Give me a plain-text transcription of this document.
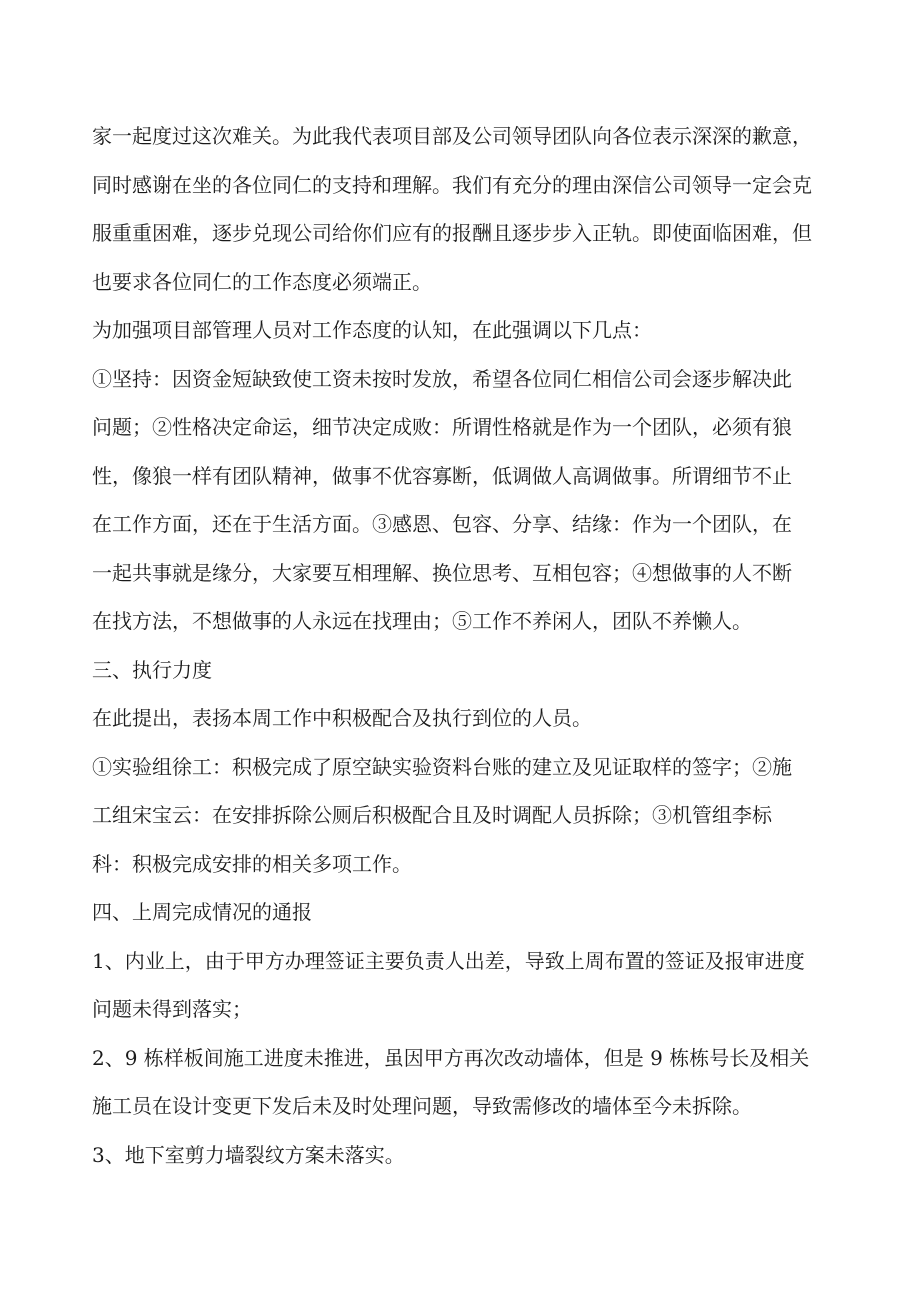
家一起度过这次难关。为此我代表项目部及公司领导团队向各位表示深深的歉意，
同时感谢在坐的各位同仁的支持和理解。我们有充分的理由深信公司领导一定会克
服重重困难，逐步兑现公司给你们应有的报酬且逐步步入正轨。即使面临困难，但
也要求各位同仁的工作态度必须端正。
为加强项目部管理人员对工作态度的认知，在此强调以下几点：
①坚持：因资金短缺致使工资未按时发放，希望各位同仁相信公司会逐步解决此
问题；②性格决定命运，细节决定成败：所谓性格就是作为一个团队，必须有狼
性，像狼一样有团队精神，做事不优容寡断，低调做人高调做事。所谓细节不止
在工作方面，还在于生活方面。③感恩、包容、分享、结缘：作为一个团队，在
一起共事就是缘分，大家要互相理解、换位思考、互相包容；④想做事的人不断
在找方法，不想做事的人永远在找理由；⑤工作不养闲人，团队不养懒人。
三、执行力度
在此提出，表扬本周工作中积极配合及执行到位的人员。
①实验组徐工：积极完成了原空缺实验资料台账的建立及见证取样的签字；②施
工组宋宝云：在安排拆除公厕后积极配合且及时调配人员拆除；③机管组李标
科：积极完成安排的相关多项工作。
四、上周完成情况的通报
1、内业上，由于甲方办理签证主要负责人出差，导致上周布置的签证及报审进度
问题未得到落实；
2、9 栋样板间施工进度未推进，虽因甲方再次改动墙体，但是 9 栋栋号长及相关
施工员在设计变更下发后未及时处理问题，导致需修改的墙体至今未拆除。
3、地下室剪力墙裂纹方案未落实。
